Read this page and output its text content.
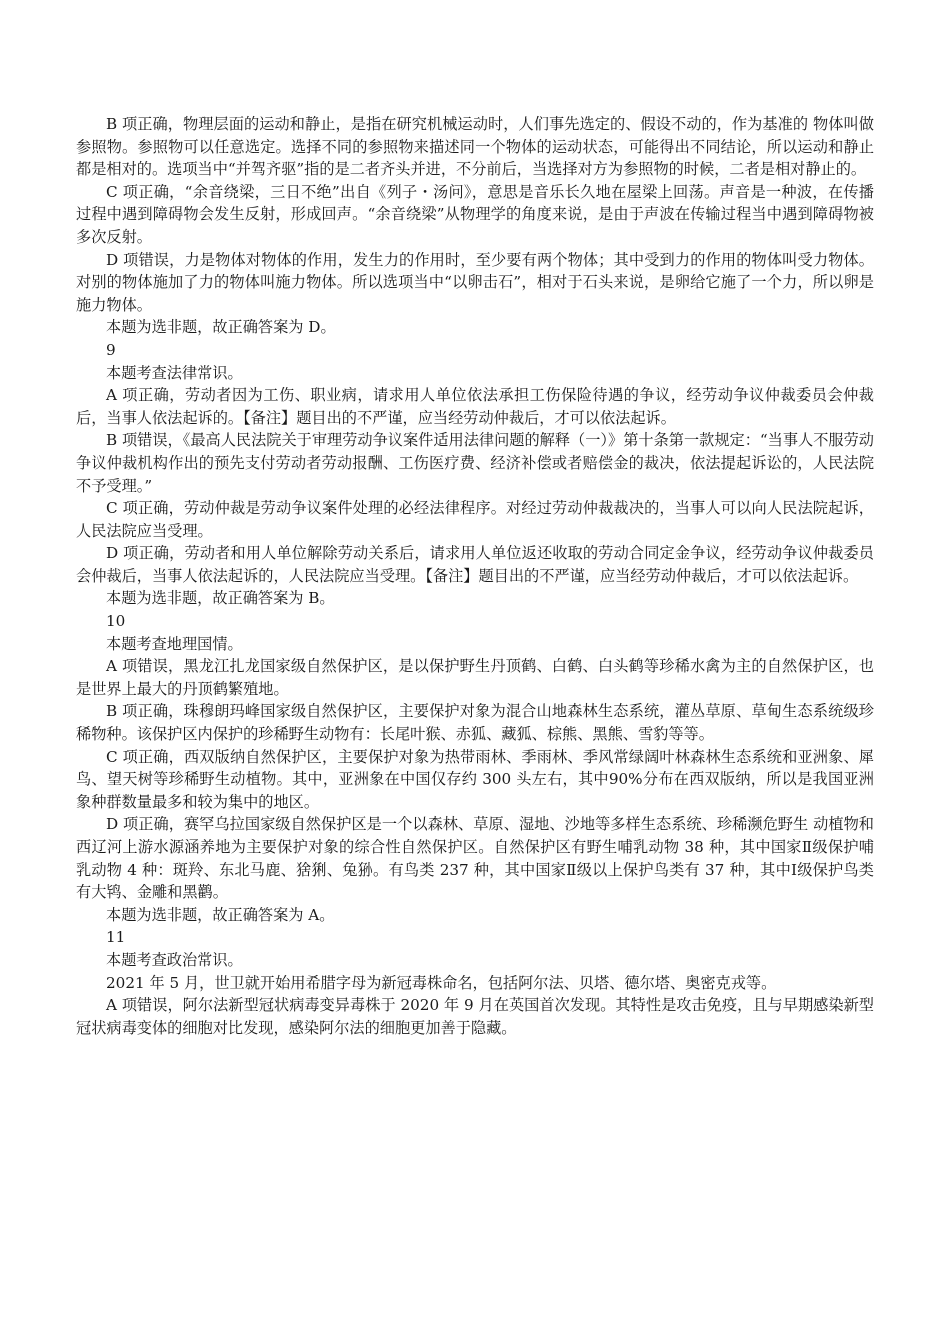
B 项正确，物理层面的运动和静止，是指在研究机械运动时，人们事先选定的、假设不动的，作为基准的 物体叫做参照物。参照物可以任意选定。选择不同的参照物来描述同一个物体的运动状态，可能得出不同结论，所以运动和静止都是相对的。选项当中“并驾齐驱”指的是二者齐头并进，不分前后，当选择对方为参照物的时候，二者是相对静止的。

C 项正确，“余音绕梁，三日不绝”出自《列子・汤问》，意思是音乐长久地在屋梁上回荡。声音是一种波，在传播过程中遇到障碍物会发生反射，形成回声。“余音绕梁”从物理学的角度来说，是由于声波在传输过程当中遇到障碍物被多次反射。

D 项错误，力是物体对物体的作用，发生力的作用时，至少要有两个物体；其中受到力的作用的物体叫受力物体。对别的物体施加了力的物体叫施力物体。所以选项当中“以卵击石”，相对于石头来说，是卵给它施了一个力，所以卵是施力物体。

本题为选非题，故正确答案为 D。

9

本题考查法律常识。

A 项正确，劳动者因为工伤、职业病，请求用人单位依法承担工伤保险待遇的争议，经劳动争议仲裁委员会仲裁后，当事人依法起诉的。【备注】题目出的不严谨，应当经劳动仲裁后，才可以依法起诉。

B 项错误，《最高人民法院关于审理劳动争议案件适用法律问题的解释（一）》第十条第一款规定：“当事人不服劳动争议仲裁机构作出的预先支付劳动者劳动报酬、工伤医疗费、经济补偿或者赔偿金的裁决，依法提起诉讼的，人民法院不予受理。”

C 项正确，劳动仲裁是劳动争议案件处理的必经法律程序。对经过劳动仲裁裁决的，当事人可以向人民法院起诉，人民法院应当受理。

D 项正确，劳动者和用人单位解除劳动关系后，请求用人单位返还收取的劳动合同定金争议，经劳动争议仲裁委员会仲裁后，当事人依法起诉的，人民法院应当受理。【备注】题目出的不严谨，应当经劳动仲裁后，才可以依法起诉。

本题为选非题，故正确答案为 B。

10

本题考查地理国情。

A 项错误，黑龙江扎龙国家级自然保护区，是以保护野生丹顶鹤、白鹤、白头鹤等珍稀水禽为主的自然保护区，也是世界上最大的丹顶鹤繁殖地。

B 项正确，珠穆朗玛峰国家级自然保护区，主要保护对象为混合山地森林生态系统，灌丛草原、草甸生态系统级珍稀物种。该保护区内保护的珍稀野生动物有：长尾叶猴、赤狐、藏狐、棕熊、黑熊、雪豹等等。

C 项正确，西双版纳自然保护区，主要保护对象为热带雨林、季雨林、季风常绿阔叶林森林生态系统和亚洲象、犀鸟、望天树等珍稀野生动植物。其中，亚洲象在中国仅存约 300 头左右，其中90%分布在西双版纳，所以是我国亚洲象种群数量最多和较为集中的地区。

D 项正确，赛罕乌拉国家级自然保护区是一个以森林、草原、湿地、沙地等多样生态系统、珍稀濒危野生 动植物和西辽河上游水源涵养地为主要保护对象的综合性自然保护区。自然保护区有野生哺乳动物 38 种，其中国家Ⅱ级保护哺乳动物 4 种：斑羚、东北马鹿、猞猁、兔狲。有鸟类 237 种，其中国家Ⅱ级以上保护鸟类有 37 种，其中Ⅰ级保护鸟类有大鸨、金雕和黑鹳。

本题为选非题，故正确答案为 A。

11

本题考查政治常识。

2021 年 5 月，世卫就开始用希腊字母为新冠毒株命名，包括阿尔法、贝塔、德尔塔、奥密克戎等。

A 项错误，阿尔法新型冠状病毒变异毒株于 2020 年 9 月在英国首次发现。其特性是攻击免疫，且与早期感染新型冠状病毒变体的细胞对比发现，感染阿尔法的细胞更加善于隐藏。
